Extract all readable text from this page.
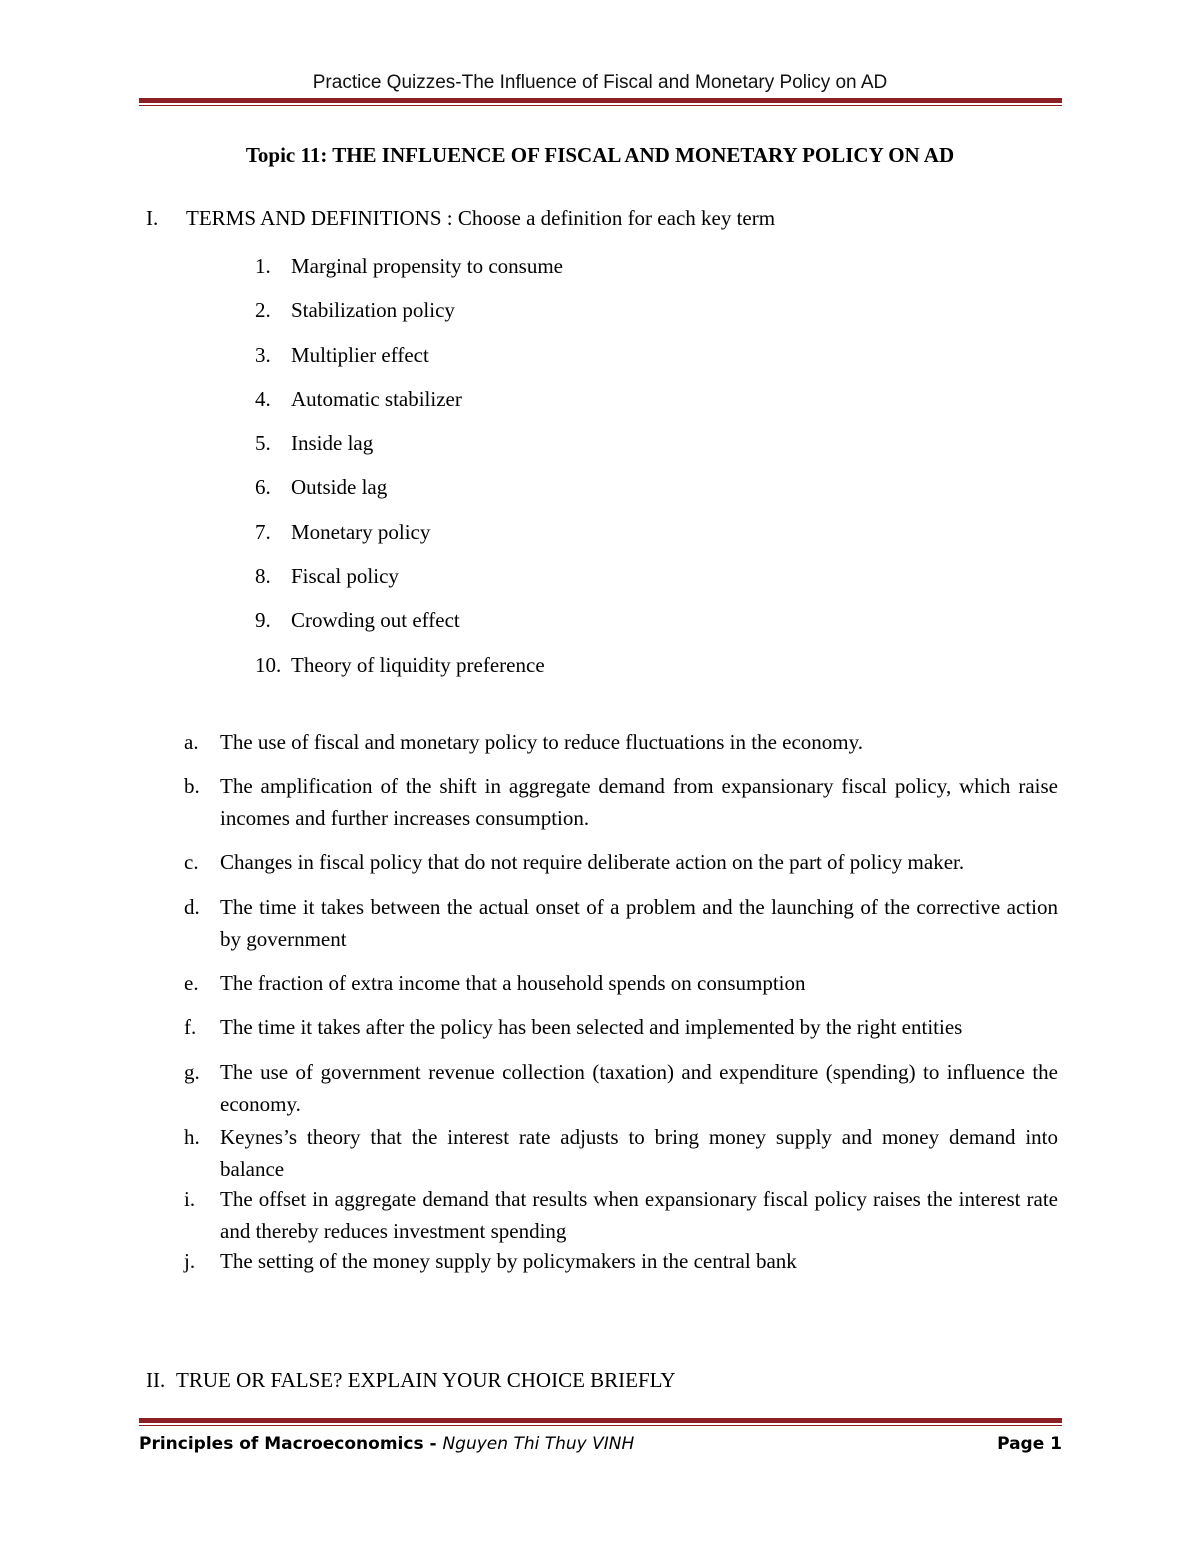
Practice Quizzes-The Influence of Fiscal and Monetary Policy on AD
Topic 11: THE INFLUENCE OF FISCAL AND MONETARY POLICY ON AD
I. TERMS AND DEFINITIONS : Choose a definition for each key term
1. Marginal propensity to consume
2. Stabilization policy
3. Multiplier effect
4. Automatic stabilizer
5. Inside lag
6. Outside lag
7. Monetary policy
8. Fiscal policy
9. Crowding out effect
10. Theory of liquidity preference
a.	The use of fiscal and monetary policy to reduce fluctuations in the economy.
b. The amplification of the shift in aggregate demand from expansionary fiscal policy, which raise incomes and further increases consumption.
c.	Changes in fiscal policy that do not require deliberate action on the part of policy maker.
d. The time it takes between the actual onset of a problem and the launching of the corrective action by government
e.	The fraction of extra income that a household spends on consumption
f.	The time it takes after the policy has been selected and implemented by the right entities
g. The use of government revenue collection (taxation) and expenditure (spending) to influence the economy.
h. Keynes’s theory that the interest rate adjusts to bring money supply and money demand into balance
i.	The offset in aggregate demand that results when expansionary fiscal policy raises the interest rate and thereby reduces investment spending
j.	The setting of the money supply by policymakers in the central bank
II. TRUE OR FALSE? EXPLAIN YOUR CHOICE BRIEFLY
Principles of Macroeconomics - Nguyen Thi Thuy VINH	Page 1
